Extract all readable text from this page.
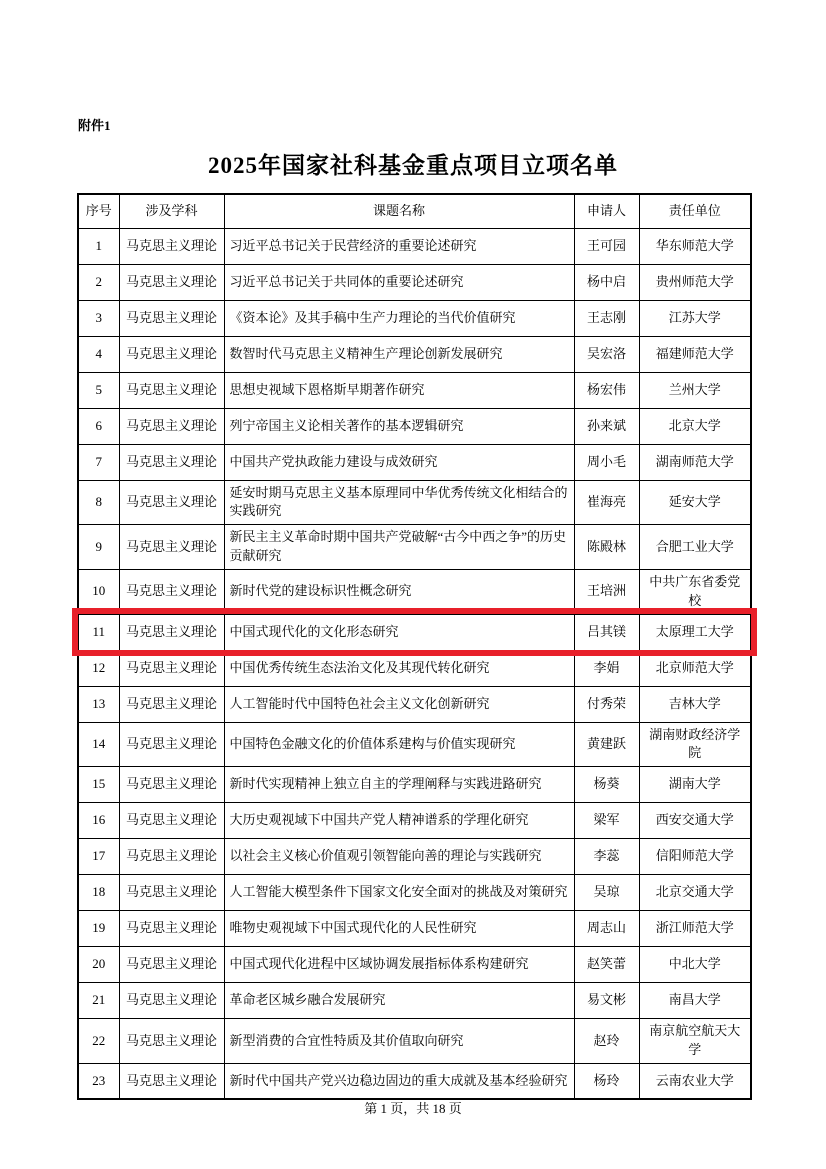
附件1
2025年国家社科基金重点项目立项名单
序号	涉及学科	课题名称	申请人	责任单位
1	马克思主义理论	习近平总书记关于民营经济的重要论述研究	王可园	华东师范大学
2	马克思主义理论	习近平总书记关于共同体的重要论述研究	杨中启	贵州师范大学
3	马克思主义理论	《资本论》及其手稿中生产力理论的当代价值研究	王志刚	江苏大学
4	马克思主义理论	数智时代马克思主义精神生产理论创新发展研究	吴宏洛	福建师范大学
5	马克思主义理论	思想史视域下恩格斯早期著作研究	杨宏伟	兰州大学
6	马克思主义理论	列宁帝国主义论相关著作的基本逻辑研究	孙来斌	北京大学
7	马克思主义理论	中国共产党执政能力建设与成效研究	周小毛	湖南师范大学
8	马克思主义理论	延安时期马克思主义基本原理同中华优秀传统文化相结合的实践研究	崔海亮	延安大学
9	马克思主义理论	新民主主义革命时期中国共产党破解“古今中西之争”的历史贡献研究	陈殿林	合肥工业大学
10	马克思主义理论	新时代党的建设标识性概念研究	王培洲	中共广东省委党校
11	马克思主义理论	中国式现代化的文化形态研究	吕其镁	太原理工大学
12	马克思主义理论	中国优秀传统生态法治文化及其现代转化研究	李娟	北京师范大学
13	马克思主义理论	人工智能时代中国特色社会主义文化创新研究	付秀荣	吉林大学
14	马克思主义理论	中国特色金融文化的价值体系建构与价值实现研究	黄建跃	湖南财政经济学院
15	马克思主义理论	新时代实现精神上独立自主的学理阐释与实践进路研究	杨葵	湖南大学
16	马克思主义理论	大历史观视域下中国共产党人精神谱系的学理化研究	梁军	西安交通大学
17	马克思主义理论	以社会主义核心价值观引领智能向善的理论与实践研究	李蕊	信阳师范大学
18	马克思主义理论	人工智能大模型条件下国家文化安全面对的挑战及对策研究	吴琼	北京交通大学
19	马克思主义理论	唯物史观视域下中国式现代化的人民性研究	周志山	浙江师范大学
20	马克思主义理论	中国式现代化进程中区域协调发展指标体系构建研究	赵笑蕾	中北大学
21	马克思主义理论	革命老区城乡融合发展研究	易文彬	南昌大学
22	马克思主义理论	新型消费的合宜性特质及其价值取向研究	赵玲	南京航空航天大学
23	马克思主义理论	新时代中国共产党兴边稳边固边的重大成就及基本经验研究	杨玲	云南农业大学
第 1 页，共 18 页
